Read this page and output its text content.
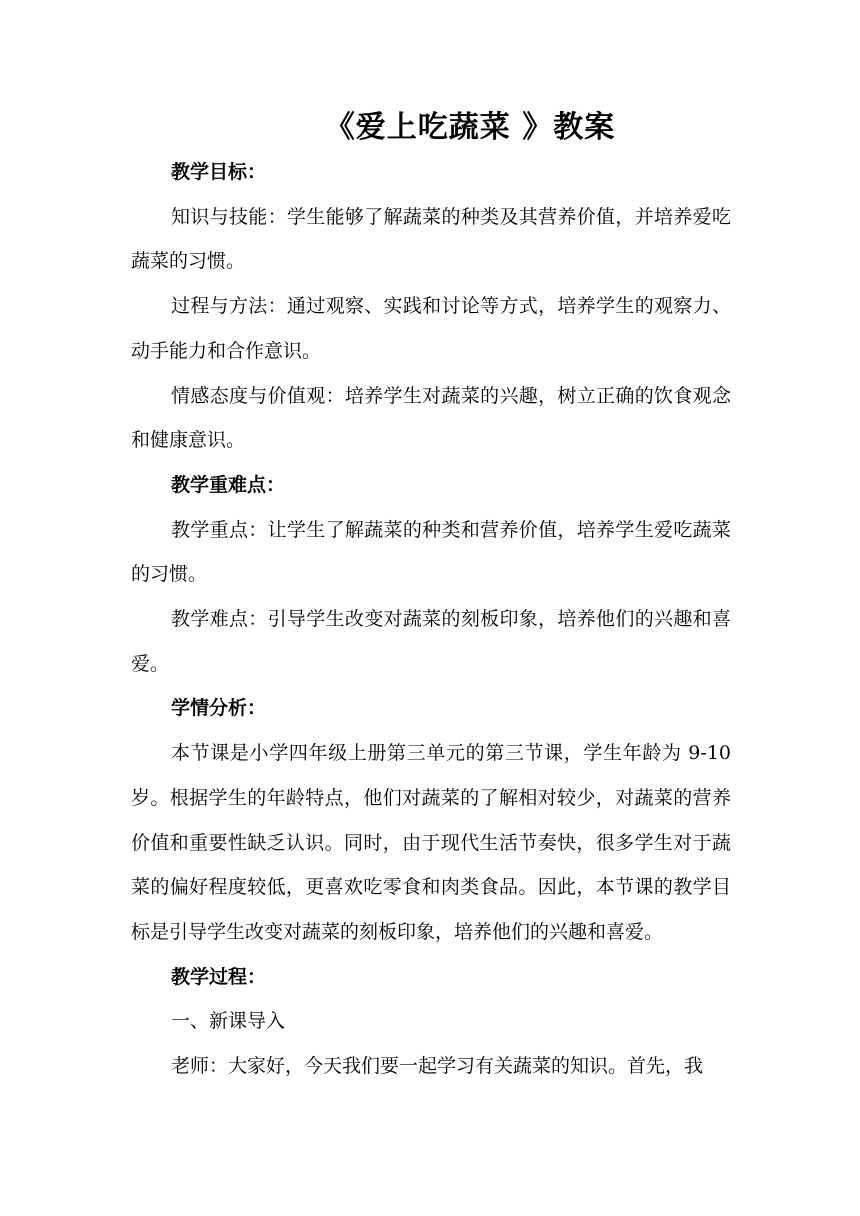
《爱上吃蔬菜 》教案

教学目标：

知识与技能：学生能够了解蔬菜的种类及其营养价值，并培养爱吃蔬菜的习惯。

过程与方法：通过观察、实践和讨论等方式，培养学生的观察力、动手能力和合作意识。

情感态度与价值观：培养学生对蔬菜的兴趣，树立正确的饮食观念和健康意识。

教学重难点：

教学重点：让学生了解蔬菜的种类和营养价值，培养学生爱吃蔬菜的习惯。

教学难点：引导学生改变对蔬菜的刻板印象，培养他们的兴趣和喜爱。

学情分析：

本节课是小学四年级上册第三单元的第三节课，学生年龄为 9-10 岁。根据学生的年龄特点，他们对蔬菜的了解相对较少，对蔬菜的营养价值和重要性缺乏认识。同时，由于现代生活节奏快，很多学生对于蔬菜的偏好程度较低，更喜欢吃零食和肉类食品。因此，本节课的教学目标是引导学生改变对蔬菜的刻板印象，培养他们的兴趣和喜爱。

教学过程：

一、新课导入

老师：大家好，今天我们要一起学习有关蔬菜的知识。首先，我
